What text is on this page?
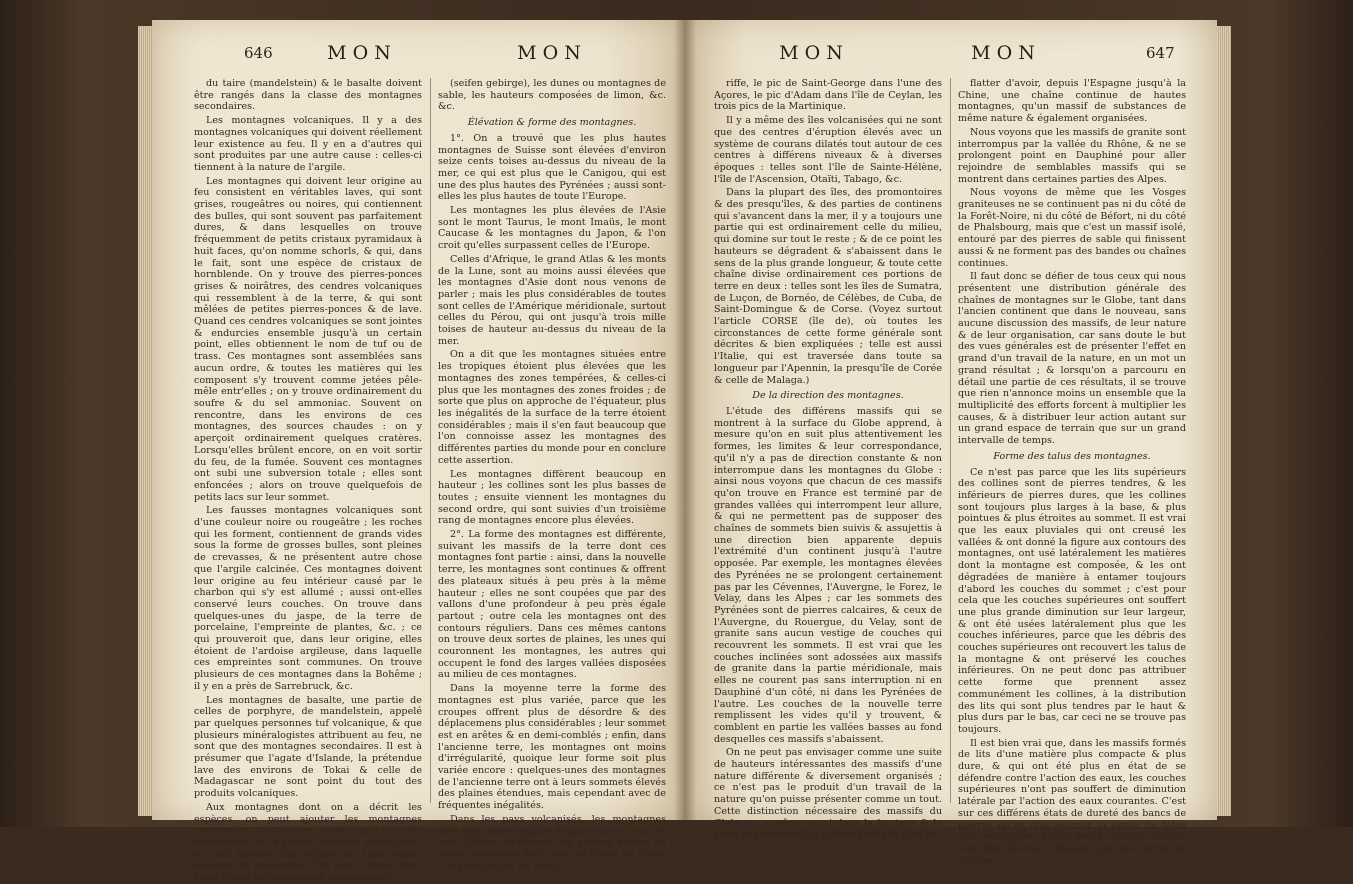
646	MON	MON

du taire (mandelstein) & le basalte doivent être rangés dans la classe des montagnes secondaires.

Les montagnes volcaniques. Il y a des montagnes volcaniques qui doivent réellement leur existence au feu. Il y en a d'autres qui sont produites par une autre cause : celles-ci tiennent à la nature de l'argile.

Les montagnes qui doivent leur origine au feu consistent en véritables laves, qui sont grises, rougeâtres ou noires, qui contiennent des bulles, qui sont souvent pas parfaitement dures, & dans lesquelles on trouve fréquemment de petits cristaux pyramidaux à huit faces, qu'on nomme schorls, & qui, dans le fait, sont une espèce de cristaux de hornblende. On y trouve des pierres-ponces grises & noirâtres, des cendres volcaniques qui ressemblent à de la terre, & qui sont mêlées de petites pierres-ponces & de lave. Quand ces cendres volcaniques se sont jointes & endurcies ensemble jusqu'à un certain point, elles obtiennent le nom de tuf ou de trass. Ces montagnes sont assemblées sans aucun ordre, & toutes les matières qui les composent s'y trouvent comme jetées pêle-mêle entr'elles ; on y trouve ordinairement du soufre & du sel ammoniac. Souvent on rencontre, dans les environs de ces montagnes, des sources chaudes : on y aperçoit ordinairement quelques cratères. Lorsqu'elles brûlent encore, on en voit sortir du feu, de la fumée. Souvent ces montagnes ont subi une subversion totale ; elles sont enfoncées ; alors on trouve quelquefois de petits lacs sur leur sommet.

Les fausses montagnes volcaniques sont d'une couleur noire ou rougeâtre ; les roches qui les forment, contiennent de grands vides sous la forme de grosses bulles, sont pleines de crevasses, & ne présentent autre chose que l'argile calcinée. Ces montagnes doivent leur origine au feu intérieur causé par le charbon qui s'y est allumé ; aussi ont-elles conservé leurs couches. On trouve dans quelques-unes du jaspe, de la terre de porcelaine, l'empreinte de plantes, &c. ; ce qui prouveroit que, dans leur origine, elles étoient de l'ardoise argileuse, dans laquelle ces empreintes sont communes. On trouve plusieurs de ces montagnes dans la Bohême ; il y en a près de Sarrebruck, &c.

Les montagnes de basalte, une partie de celles de porphyre, de mandelstein, appelé par quelques personnes tuf volcanique, & que plusieurs minéralogistes attribuent au feu, ne sont que des montagnes secondaires. Il est à présumer que l'agate d'Islande, la prétendue lave des environs de Tokai & celle de Madagascar ne sont point du tout des produits volcaniques.

Aux montagnes dont on a décrit les espèces, on peut ajouter les montagnes composées, c'est-à-dire, celles qui, par des inondations ou d'autres accidens semblables, se sont formées des débris des trois autres espèces de montagnes. On peut ranger dans cette classe les montagnes savonneuses

(seifen gebirge), les dunes ou montagnes de sable, les hauteurs composées de limon, &c. &c.

Élévation & forme des montagnes.

1°. On a trouvé que les plus hautes montagnes de Suisse sont élevées d'environ seize cents toises au-dessus du niveau de la mer, ce qui est plus que le Canigou, qui est une des plus hautes des Pyrénées ; aussi sont-elles les plus hautes de toute l'Europe.

Les montagnes les plus élevées de l'Asie sont le mont Taurus, le mont Imaüs, le mont Caucase & les montagnes du Japon, & l'on croit qu'elles surpassent celles de l'Europe.

Celles d'Afrique, le grand Atlas & les monts de la Lune, sont au moins aussi élevées que les montagnes d'Asie dont nous venons de parler ; mais les plus considérables de toutes sont celles de l'Amérique méridionale, surtout celles du Pérou, qui ont jusqu'à trois mille toises de hauteur au-dessus du niveau de la mer.

On a dit que les montagnes situées entre les tropiques étoient plus élevées que les montagnes des zones tempérées, & celles-ci plus que les montagnes des zones froides ; de sorte que plus on approche de l'équateur, plus les inégalités de la surface de la terre étoient considérables ; mais il s'en faut beaucoup que l'on connoisse assez les montagnes des différentes parties du monde pour en conclure cette assertion.

Les montagnes diffèrent beaucoup en hauteur ; les collines sont les plus basses de toutes ; ensuite viennent les montagnes du second ordre, qui sont suivies d'un troisième rang de montagnes encore plus élevées.

2°. La forme des montagnes est différente, suivant les massifs de la terre dont ces montagnes font partie : ainsi, dans la nouvelle terre, les montagnes sont continues & offrent des plateaux situés à peu près à la même hauteur ; elles ne sont coupées que par des vallons d'une profondeur à peu près égale partout ; outre cela les montagnes ont des contours réguliers. Dans ces mêmes cantons on trouve deux sortes de plaines, les unes qui couronnent les montagnes, les autres qui occupent le fond des larges vallées disposées au milieu de ces montagnes.

Dans la moyenne terre la forme des montagnes est plus variée, parce que les croupes offrent plus de désordre & des déplacemens plus considérables ; leur sommet est en arêtes & en demi-comblés ; enfin, dans l'ancienne terre, les montagnes ont moins d'irrégularité, quoique leur forme soit plus variée encore : quelques-unes des montagnes de l'ancienne terre ont à leurs sommets élevés des plaines étendues, mais cependant avec de fréquentes inégalités.

Dans les pays volcanisés, les montagnes sont plus interrompues & plus isolées ; on les voit s'élever au-dessus des plaines basses ou même au-dessus de la mer en forme de cônes : tels sont le pic de Téné-

MON	MON	647

riffe, le pic de Saint-George dans l'une des Açores, le pic d'Adam dans l'île de Ceylan, les trois pics de la Martinique.

Il y a même des îles volcanisées qui ne sont que des centres d'éruption élevés avec un système de courans dilatés tout autour de ces centres à différens niveaux & à diverses époques : telles sont l'île de Sainte-Hélène, l'île de l'Ascension, Otaïti, Tabago, &c.

Dans la plupart des îles, des promontoires & des presqu'îles, & des parties de continens qui s'avancent dans la mer, il y a toujours une partie qui est ordinairement celle du milieu, qui domine sur tout le reste ; & de ce point les hauteurs se dégradent & s'abaissent dans le sens de la plus grande longueur, & toute cette chaîne divise ordinairement ces portions de terre en deux : telles sont les îles de Sumatra, de Luçon, de Bornéo, de Célèbes, de Cuba, de Saint-Domingue & de Corse. (Voyez surtout l'article CORSE (île de), où toutes les circonstances de cette forme générale sont décrites & bien expliquées ; telle est aussi l'Italie, qui est traversée dans toute sa longueur par l'Apennin, la presqu'île de Corée & celle de Malaga.)

De la direction des montagnes.

L'étude des différens massifs qui se montrent à la surface du Globe apprend, à mesure qu'on en suit plus attentivement les formes, les limites & leur correspondance, qu'il n'y a pas de direction constante & non interrompue dans les montagnes du Globe : ainsi nous voyons que chacun de ces massifs qu'on trouve en France est terminé par de grandes vallées qui interrompent leur allure, & qui ne permettent pas de supposer des chaînes de sommets bien suivis & assujettis à une direction bien apparente depuis l'extrémité d'un continent jusqu'à l'autre opposée. Par exemple, les montagnes élevées des Pyrénées ne se prolongent certainement pas par les Cévennes, l'Auvergne, le Forez, le Velay, dans les Alpes ; car les sommets des Pyrénées sont de pierres calcaires, & ceux de l'Auvergne, du Rouergue, du Velay, sont de granite sans aucun vestige de couches qui recouvrent les sommets. Il est vrai que les couches inclinées sont adossées aux massifs de granite dans la partie méridionale, mais elles ne courent pas sans interruption ni en Dauphiné d'un côté, ni dans les Pyrénées de l'autre. Les couches de la nouvelle terre remplissent les vides qu'il y trouvent, & comblent en partie les vallées basses au fond desquelles ces massifs s'abaissent.

On ne peut pas envisager comme une suite de hauteurs intéressantes des massifs d'une nature différente & diversement organisés ; ce n'est pas le produit d'un travail de la nature qu'on puisse présenter comme un tout. Cette distinction nécessaire des massifs du Globe en a même aussi dans la hauteur & la suite des sommets, & l'on ne peut pas plus se

flatter d'avoir, depuis l'Espagne jusqu'à la Chine, une chaîne continue de hautes montagnes, qu'un massif de substances de même nature & également organisées.

Nous voyons que les massifs de granite sont interrompus par la vallée du Rhône, & ne se prolongent point en Dauphiné pour aller rejoindre de semblables massifs qui se montrent dans certaines parties des Alpes.

Nous voyons de même que les Vosges graniteuses ne se continuent pas ni du côté de la Forêt-Noire, ni du côté de Béfort, ni du côté de Phalsbourg, mais que c'est un massif isolé, entouré par des pierres de sable qui finissent aussi & ne forment pas des bandes ou chaînes continues.

Il faut donc se défier de tous ceux qui nous présentent une distribution générale des chaînes de montagnes sur le Globe, tant dans l'ancien continent que dans le nouveau, sans aucune discussion des massifs, de leur nature & de leur organisation, car sans doute le but des vues générales est de présenter l'effet en grand d'un travail de la nature, en un mot un grand résultat ; & lorsqu'on a parcouru en détail une partie de ces résultats, il se trouve que rien n'annonce moins un ensemble que la multiplicité des efforts forcent à multiplier les causes, & à distribuer leur action autant sur un grand espace de terrain que sur un grand intervalle de temps.

Forme des talus des montagnes.

Ce n'est pas parce que les lits supérieurs des collines sont de pierres tendres, & les inférieurs de pierres dures, que les collines sont toujours plus larges à la base, & plus pointues & plus étroites au sommet. Il est vrai que les eaux pluviales qui ont creusé les vallées & ont donné la figure aux contours des montagnes, ont usé latéralement les matières dont la montagne est composée, & les ont dégradées de manière à entamer toujours d'abord les couches du sommet ; c'est pour cela que les couches supérieures ont souffert une plus grande diminution sur leur largeur, & ont été usées latéralement plus que les couches inférieures, parce que les débris des couches supérieures ont recouvert les talus de la montagne & ont préservé les couches inférieures. On ne peut donc pas attribuer cette forme que prennent assez communément les collines, à la distribution des lits qui sont plus tendres par le haut & plus durs par le bas, car ceci ne se trouve pas toujours.

Il est bien vrai que, dans les massifs formés de lits d'une matière plus compacte & plus dure, & qui ont été plus en état de se défendre contre l'action des eaux, les couches supérieures n'ont pas souffert de diminution latérale par l'action des eaux courantes. C'est sur ces différens états de dureté des bancs de pierres qu'on doit estimer la pente du talus des montagnes. Cette pente devient chaque jour plus douce, à mesure que les terres du sommet
